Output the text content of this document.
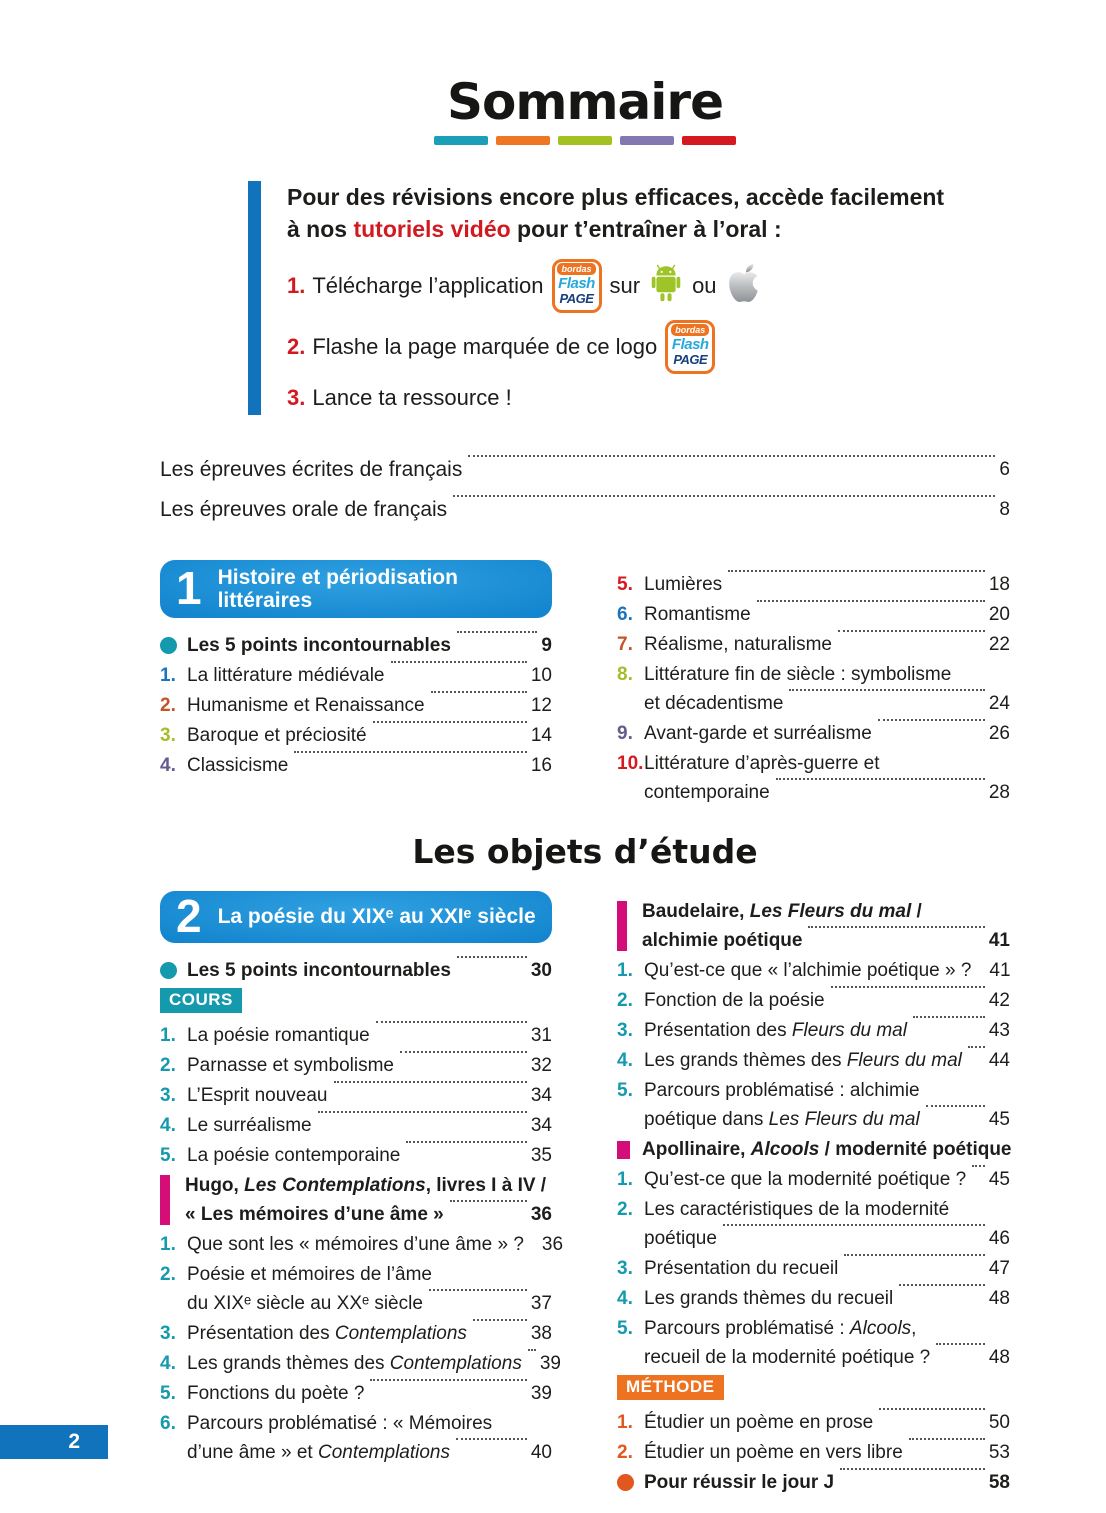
Sommaire
Pour des révisions encore plus efficaces, accède facilement
à nos tutoriels vidéo pour t’entraîner à l’oral :
1. Télécharge l’application
bordas
Flash
PAGE
sur ou
2. Flashe la page marquée de ce logo
bordas
Flash
PAGE
3. Lance ta ressource !
Les épreuves écrites de français	6
Les épreuves orale de français	8
1 Histoire et périodisation
littéraires
Les 5 points incontournables	9
1. La littérature médiévale	10
2. Humanisme et Renaissance	12
3. Baroque et préciosité	14
4. Classicisme	16
5. Lumières	18
6. Romantisme	20
7. Réalisme, naturalisme	22
8. Littérature fin de siècle : symbolisme
et décadentisme	24
9. Avant-garde et surréalisme	26
10. Littérature d’après-guerre et
contemporaine	28
Les objets d’étude
2 La poésie du XIXᵉ au XXIᵉ siècle
Les 5 points incontournables	30
COURS
1. La poésie romantique	31
2. Parnasse et symbolisme	32
3. L’Esprit nouveau	34
4. Le surréalisme	34
5. La poésie contemporaine	35
Hugo, Les Contemplations , livres I à IV /
« Les mémoires d’une âme »	36
1. Que sont les « mémoires d’une âme » ? 36
2. Poésie et mémoires de l’âme
du XIXᵉ siècle au XXᵉ siècle	37
3. Présentation des Contemplations	38
4. Les grands thèmes des Contemplations 39
5. Fonctions du poète ?	39
6. Parcours problématisé : « Mémoires
d’une âme » et Contemplations	40
Baudelaire, Les Fleurs du mal /
alchimie poétique	41
1. Qu’est-ce que « l’alchimie poétique » ? 41
2. Fonction de la poésie	42
3. Présentation des Fleurs du mal	43
4. Les grands thèmes des Fleurs du mal 44
5. Parcours problématisé : alchimie
poétique dans Les Fleurs du mal	45
Apollinaire, Alcools / modernité poétique
1. Qu’est-ce que la modernité poétique ? 45
2. Les caractéristiques de la modernité
poétique	46
3. Présentation du recueil	47
4. Les grands thèmes du recueil	48
5. Parcours problématisé : Alcools ,
recueil de la modernité poétique ?	48
MÉTHODE
1. Étudier un poème en prose	50
2. Étudier un poème en vers libre	53
Pour réussir le jour J	58
2
